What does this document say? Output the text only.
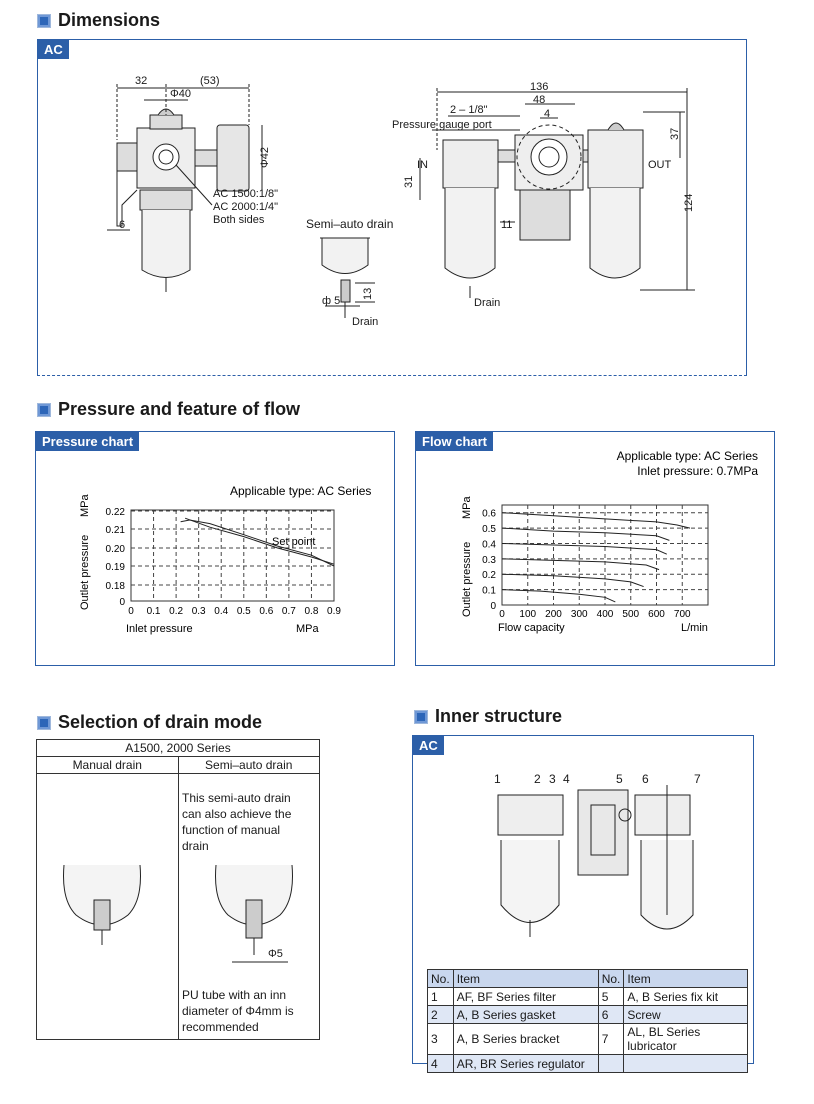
Dimensions
AC
32	(53)
Φ40
Φ42
6
AC 1500:1/8"
AC 2000:1/4"
Both sides	Semi–auto drain
ф 5
13
Drain
136
48
4
2 – 1/8"
Pressure gauge port
IN	OUT
31
11
37
124
Drain
Pressure and feature of flow
Pressure chart	Flow chart
Applicable type: AC Series
0 0.1 0.2 0.3 0.4 0.5 0.6 0.7 0.8 0.9
0
0.18
0.19
0.20
0.21
0.22
Set point
Inlet pressure	MPa
Outlet pressure
MPa
Applicable type: AC Series
Inlet pressure: 0.7MPa
0 100 200 300 400 500 600 700
0
0.1
0.2
0.3
0.4
0.5
0.6
Flow capacity	L/min
Outlet pressure
MPa
Selection of drain mode
A1500, 2000 Series	
Manual drain	Semi–auto drain

This semi-auto drain can also achieve the function of manual drain
PU tube with an inn diameter of Φ4mm is recommended
Φ5
Inner structure
AC
1	2 3 4	5 6	7
No.	Item	No.	Item
1	AF, BF Series filter	5	A, B Series fix kit
2	A, B Series gasket	6	Screw
3	A, B Series bracket	7	AL, BL Series lubricator
4	AR, BR Series regulator		
